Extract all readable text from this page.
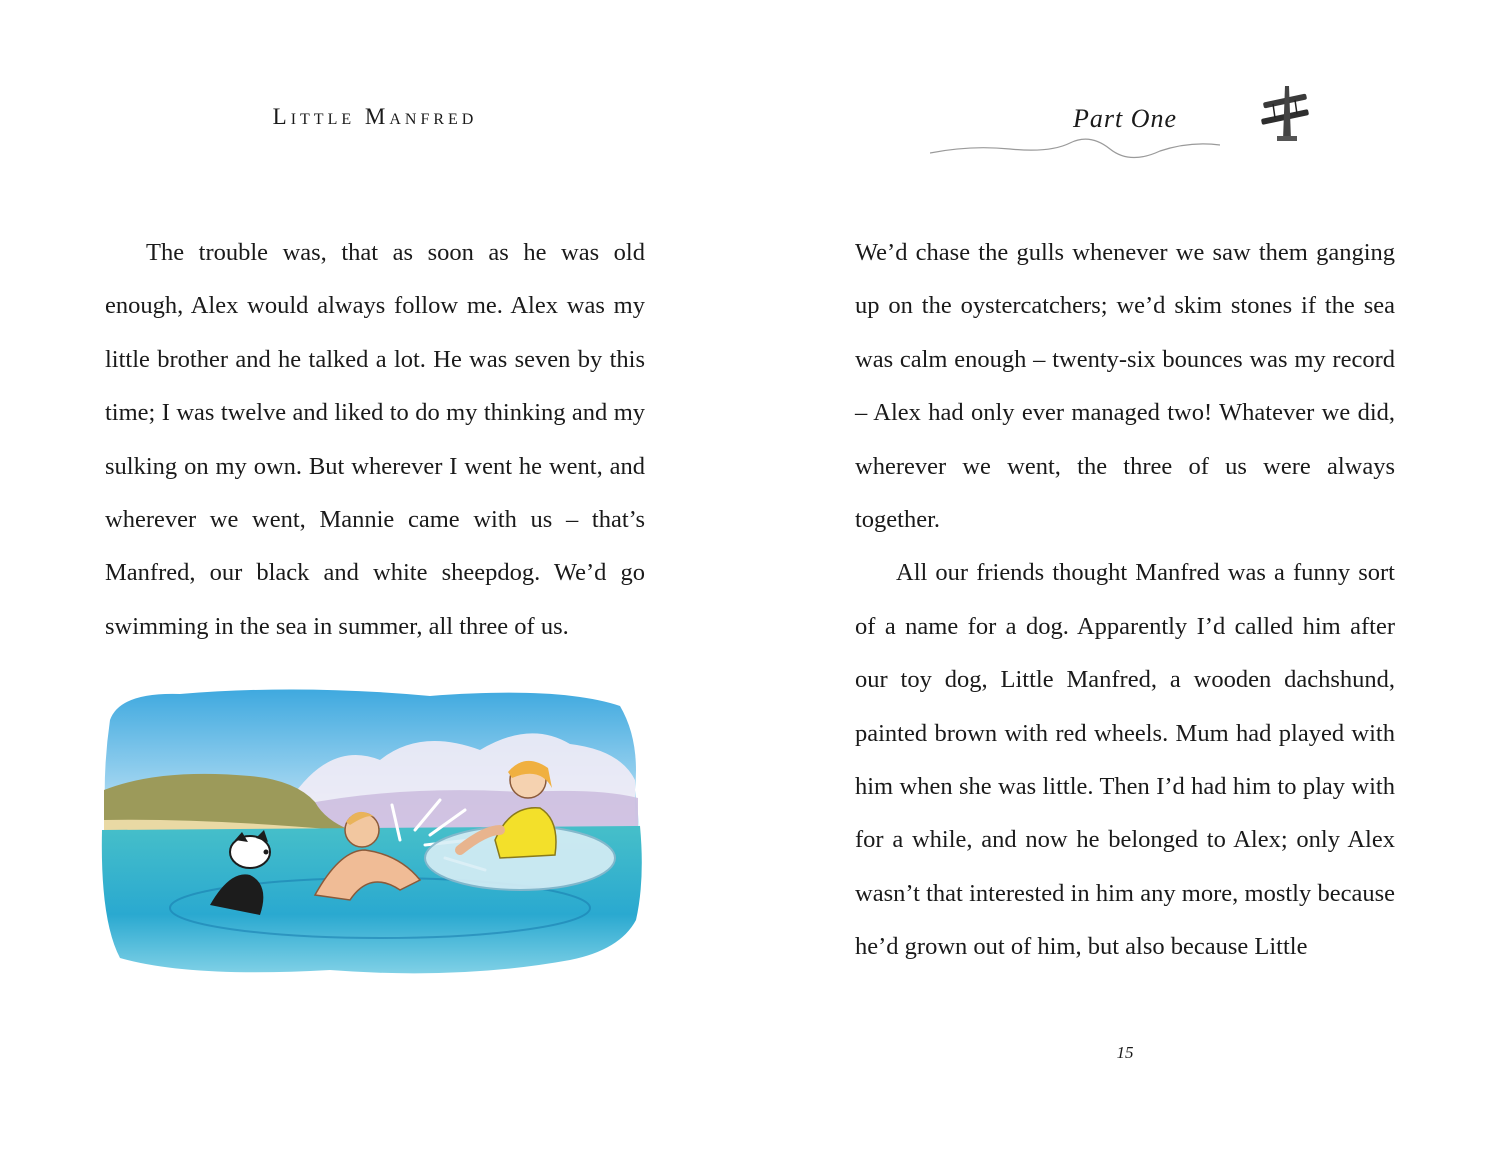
Little Manfred

The trouble was, that as soon as he was old enough, Alex would always follow me. Alex was my little brother and he talked a lot. He was seven by this time; I was twelve and liked to do my thinking and my sulking on my own. But wherever I went he went, and wherever we went, Mannie came with us – that’s Manfred, our black and white sheepdog. We’d go swimming in the sea in summer, all three of us.

Part One

We’d chase the gulls whenever we saw them ganging up on the oystercatchers; we’d skim stones if the sea was calm enough – twenty-six bounces was my record – Alex had only ever managed two! Whatever we did, wherever we went, the three of us were always together.

All our friends thought Manfred was a funny sort of a name for a dog. Apparently I’d called him after our toy dog, Little Manfred, a wooden dachshund, painted brown with red wheels. Mum had played with him when she was little. Then I’d had him to play with for a while, and now he belonged to Alex; only Alex wasn’t that interested in him any more, mostly because he’d grown out of him, but also because Little

15
